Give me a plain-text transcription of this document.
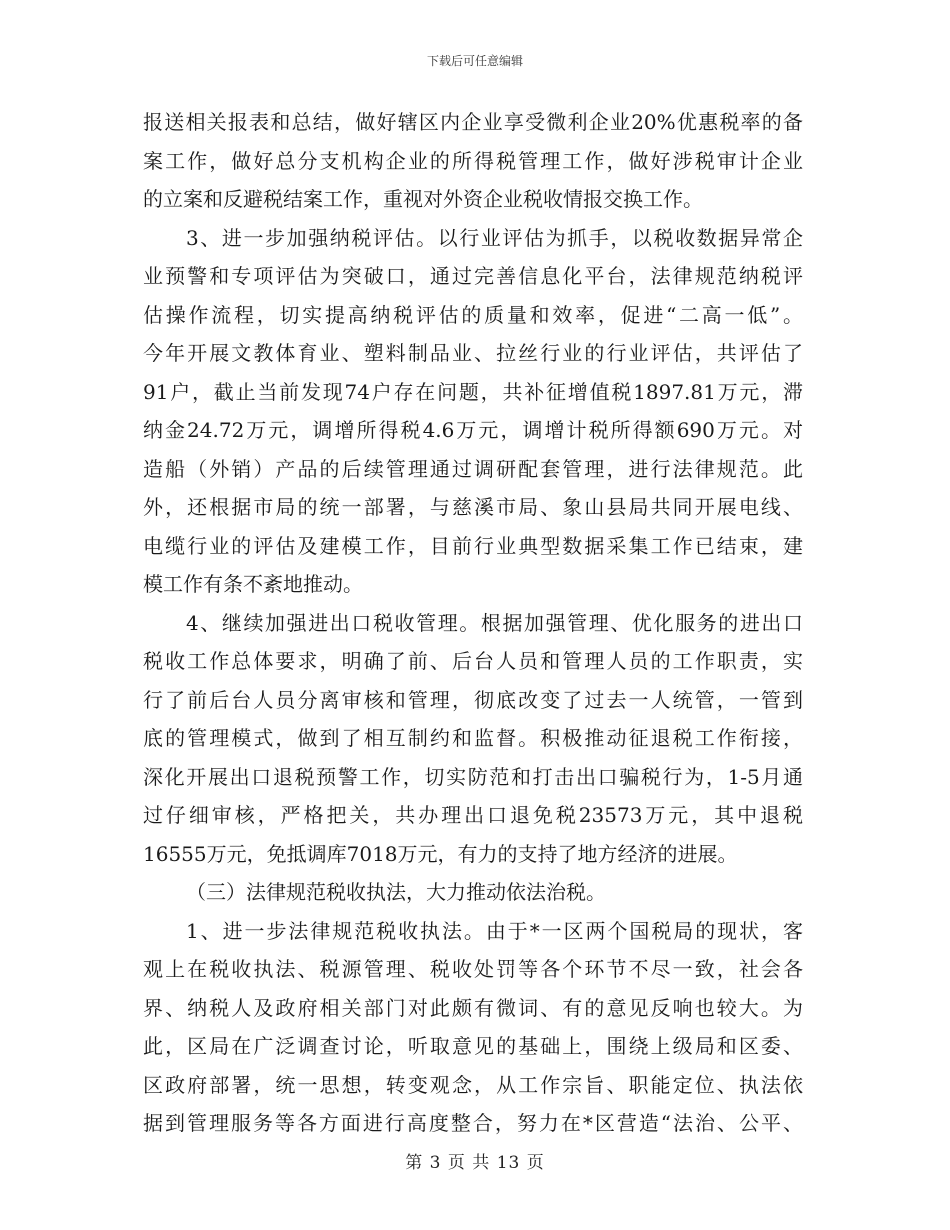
下载后可任意编辑
报送相关报表和总结，做好辖区内企业享受微利企业20%优惠税率的备
案工作，做好总分支机构企业的所得税管理工作，做好涉税审计企业
的立案和反避税结案工作，重视对外资企业税收情报交换工作。
3、进一步加强纳税评估。以行业评估为抓手，以税收数据异常企
业预警和专项评估为突破口，通过完善信息化平台，法律规范纳税评
估操作流程，切实提高纳税评估的质量和效率，促进“二高一低”。
今年开展文教体育业、塑料制品业、拉丝行业的行业评估，共评估了
91户，截止当前发现74户存在问题，共补征增值税1897.81万元，滞
纳金24.72万元，调增所得税4.6万元，调增计税所得额690万元。对
造船（外销）产品的后续管理通过调研配套管理，进行法律规范。此
外，还根据市局的统一部署，与慈溪市局、象山县局共同开展电线、
电缆行业的评估及建模工作，目前行业典型数据采集工作已结束，建
模工作有条不紊地推动。
4、继续加强进出口税收管理。根据加强管理、优化服务的进出口
税收工作总体要求，明确了前、后台人员和管理人员的工作职责，实
行了前后台人员分离审核和管理，彻底改变了过去一人统管，一管到
底的管理模式，做到了相互制约和监督。积极推动征退税工作衔接，
深化开展出口退税预警工作，切实防范和打击出口骗税行为，1-5月通
过仔细审核，严格把关，共办理出口退免税23573万元，其中退税
16555万元，免抵调库7018万元，有力的支持了地方经济的进展。
（三）法律规范税收执法，大力推动依法治税。
1、进一步法律规范税收执法。由于*一区两个国税局的现状，客
观上在税收执法、税源管理、税收处罚等各个环节不尽一致，社会各
界、纳税人及政府相关部门对此颇有微词、有的意见反响也较大。为
此，区局在广泛调查讨论，听取意见的基础上，围绕上级局和区委、
区政府部署，统一思想，转变观念，从工作宗旨、职能定位、执法依
据到管理服务等各方面进行高度整合，努力在*区营造“法治、公平、
第 3 页 共 13 页
